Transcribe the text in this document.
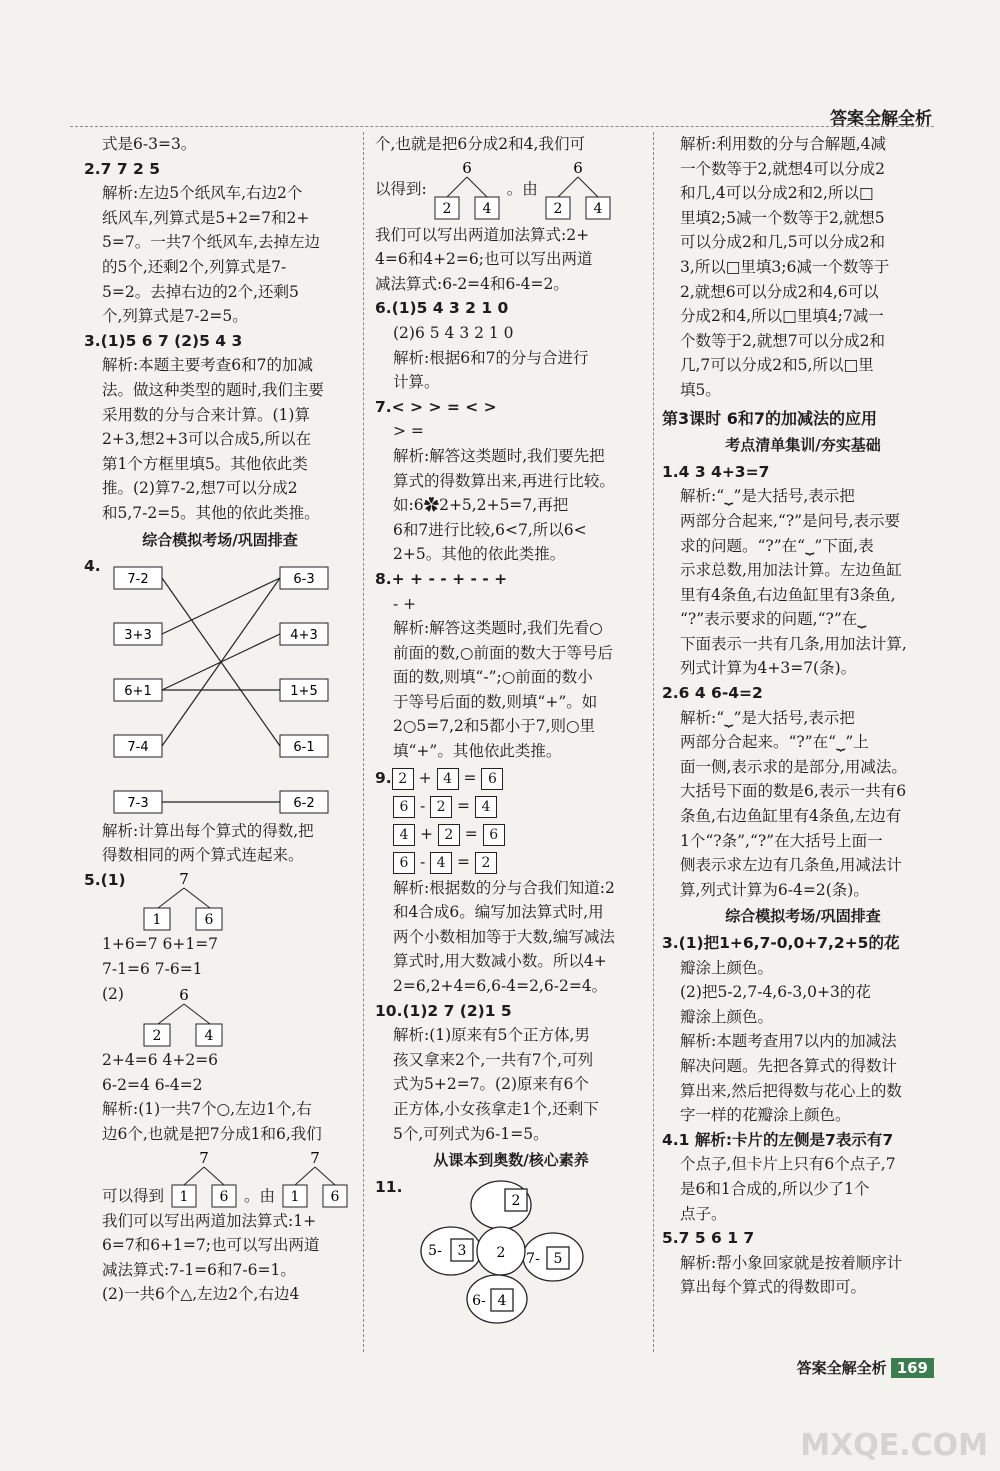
答案全解全析

式是6-3=3。

2.7 7 2 5

解析:左边5个纸风车,右边2个

纸风车,列算式是5+2=7和2+

5=7。一共7个纸风车,去掉左边

的5个,还剩2个,列算式是7-

5=2。去掉右边的2个,还剩5

个,列算式是7-2=5。

3.(1)5 6 7 (2)5 4 3

解析:本题主要考查6和7的加减

法。做这种类型的题时,我们主要

采用数的分与合来计算。(1)算

2+3,想2+3可以合成5,所以在

第1个方框里填5。其他依此类

推。(2)算7-2,想7可以分成2

和5,7-2=5。其他的依此类推。

综合模拟考场/巩固排查

4.

7-2
3+3
6+1
7-4
7-3
6-3
4+3
1+5
6-1
6-2

解析:计算出每个算式的得数,把

得数相同的两个算式连起来。

5.(1)	7
1	6

1+6=7 6+1=7

7-1=6 7-6=1

(2)	6
2	4

2+4=6 4+2=6

6-2=4 6-4=2

解析:(1)一共7个○,左边1个,右

边6个,也就是把7分成1和6,我们

可以得到
7
1 6 。由
7
1 6

我们可以写出两道加法算式:1+

6=7和6+1=7;也可以写出两道

减法算式:7-1=6和7-6=1。

(2)一共6个△,左边2个,右边4

个,也就是把6分成2和4,我们可

以得到:
6
2 4
。由
6
2 4

我们可以写出两道加法算式:2+

4=6和4+2=6;也可以写出两道

减法算式:6-2=4和6-4=2。

6.(1)5 4 3 2 1 0

(2)6 5 4 3 2 1 0

解析:根据6和7的分与合进行

计算。

7.< > > = < >

> =

解析:解答这类题时,我们要先把

算式的得数算出来,再进行比较。

如:6✿2+5,2+5=7,再把

6和7进行比较,6<7,所以6<

2+5。其他的依此类推。

8.+ + - - + - - +

- +

解析:解答这类题时,我们先看○

前面的数,○前面的数大于等号后

面的数,则填“-”;○前面的数小

于等号后面的数,则填“+”。如

2○5=7,2和5都小于7,则○里

填“+”。其他依此类推。

9. 2 + 4 = 6

6 - 2 = 4

4 + 2 = 6

6 - 4 = 2

解析:根据数的分与合我们知道:2

和4合成6。编写加法算式时,用

两个小数相加等于大数,编写减法

算式时,用大数减小数。所以4+

2=6,2+4=6,6-4=2,6-2=4。

10.(1)2 7 (2)1 5

解析:(1)原来有5个正方体,男

孩又拿来2个,一共有7个,可列

式为5+2=7。(2)原来有6个

正方体,小女孩拿走1个,还剩下

5个,可列式为6-1=5。

从课本到奥数/核心素养

11.
2
2
5- 3	7- 5
6- 4

解析:利用数的分与合解题,4减

一个数等于2,就想4可以分成2

和几,4可以分成2和2,所以□

里填2;5减一个数等于2,就想5

可以分成2和几,5可以分成2和

3,所以□里填3;6减一个数等于

2,就想6可以分成2和4,6可以

分成2和4,所以□里填4;7减一

个数等于2,就想7可以分成2和

几,7可以分成2和5,所以□里

填5。

第3课时 6和7的加减法的应用

考点清单集训/夯实基础

1.4 3 4+3=7

解析:“⏟”是大括号,表示把

两部分合起来,“?”是问号,表示要

求的问题。“?”在“⏟”下面,表

示求总数,用加法计算。左边鱼缸

里有4条鱼,右边鱼缸里有3条鱼,

“?”表示要求的问题,“?”在⏟

下面表示一共有几条,用加法计算,

列式计算为4+3=7(条)。

2.6 4 6-4=2

解析:“⏟”是大括号,表示把

两部分合起来。“?”在“⏟”上

面一侧,表示求的是部分,用减法。

大括号下面的数是6,表示一共有6

条鱼,右边鱼缸里有4条鱼,左边有

1个“?条”,“?”在大括号上面一

侧表示求左边有几条鱼,用减法计

算,列式计算为6-4=2(条)。

综合模拟考场/巩固排查

3.(1)把1+6,7-0,0+7,2+5的花

瓣涂上颜色。

(2)把5-2,7-4,6-3,0+3的花

瓣涂上颜色。

解析:本题考查用7以内的加减法

解决问题。先把各算式的得数计

算出来,然后把得数与花心上的数

字一样的花瓣涂上颜色。

4.1 解析:卡片的左侧是7表示有7

个点子,但卡片上只有6个点子,7

是6和1合成的,所以少了1个

点子。

5.7 5 6 1 7

解析:帮小象回家就是按着顺序计

算出每个算式的得数即可。

答案全解全析 169
MXQE.COM
